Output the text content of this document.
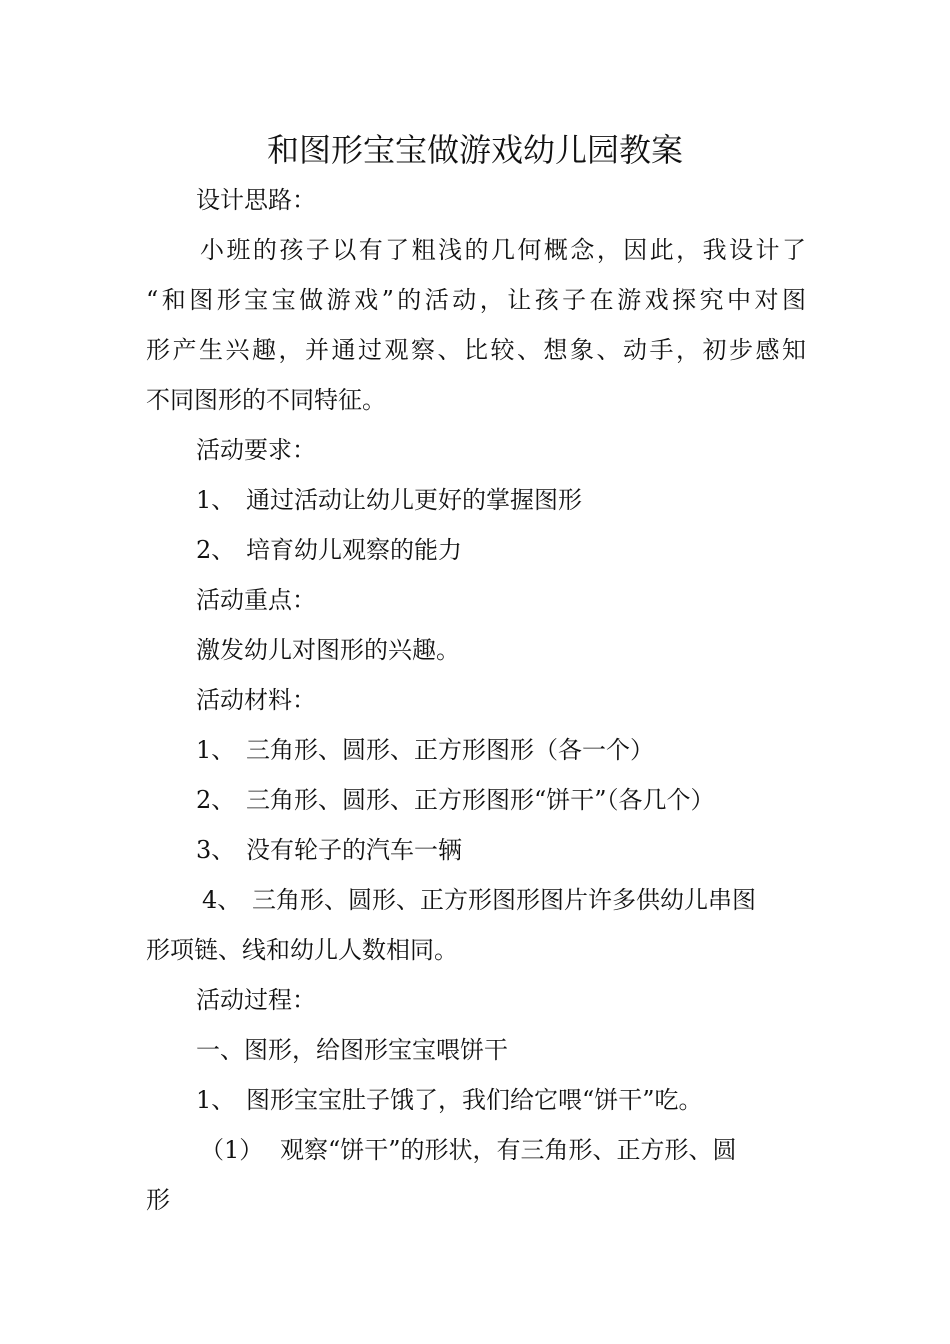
和图形宝宝做游戏幼儿园教案
设计思路：
小班的孩子以有了粗浅的几何概念，因此，我设计了
“和图形宝宝做游戏”的活动，让孩子在游戏探究中对图
形产生兴趣，并通过观察、比较、想象、动手，初步感知
不同图形的不同特征。
活动要求：
1、 通过活动让幼儿更好的掌握图形
2、 培育幼儿观察的能力
活动重点：
激发幼儿对图形的兴趣。
活动材料：
1、 三角形、圆形、正方形图形（各一个）
2、 三角形、圆形、正方形图形“饼干”（各几个）
3、 没有轮子的汽车一辆
4、 三角形、圆形、正方形图形图片许多供幼儿串图
形项链、线和幼儿人数相同。
活动过程：
一、图形，给图形宝宝喂饼干
1、 图形宝宝肚子饿了，我们给它喂“饼干”吃。
（1） 观察“饼干”的形状，有三角形、正方形、圆
形
